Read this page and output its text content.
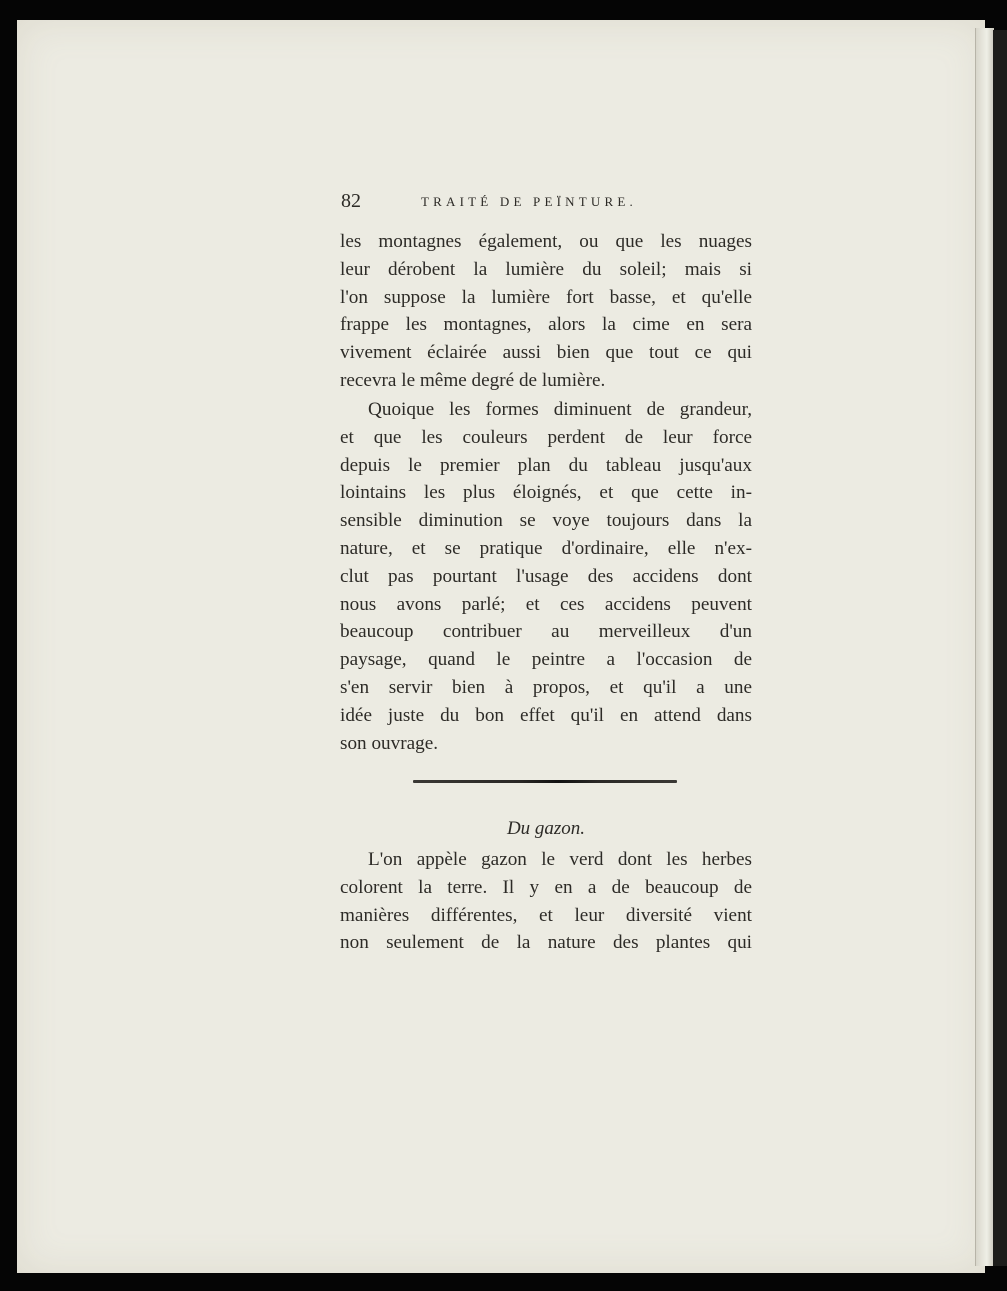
82	TRAITÉ DE PEÏNTURE.
les montagnes également, ou que les nuages
leur dérobent la lumière du soleil; mais si
l'on suppose la lumière fort basse, et qu'elle
frappe les montagnes, alors la cime en sera
vivement éclairée aussi bien que tout ce qui
recevra le même degré de lumière.
Quoique les formes diminuent de grandeur,
et que les couleurs perdent de leur force
depuis le premier plan du tableau jusqu'aux
lointains les plus éloignés, et que cette in-
sensible diminution se voye toujours dans la
nature, et se pratique d'ordinaire, elle n'ex-
clut pas pourtant l'usage des accidens dont
nous avons parlé; et ces accidens peuvent
beaucoup contribuer au merveilleux d'un
paysage, quand le peintre a l'occasion de
s'en servir bien à propos, et qu'il a une
idée juste du bon effet qu'il en attend dans
son ouvrage.
Du gazon.
L'on appèle gazon le verd dont les herbes
colorent la terre. Il y en a de beaucoup de
manières différentes, et leur diversité vient
non seulement de la nature des plantes qui
